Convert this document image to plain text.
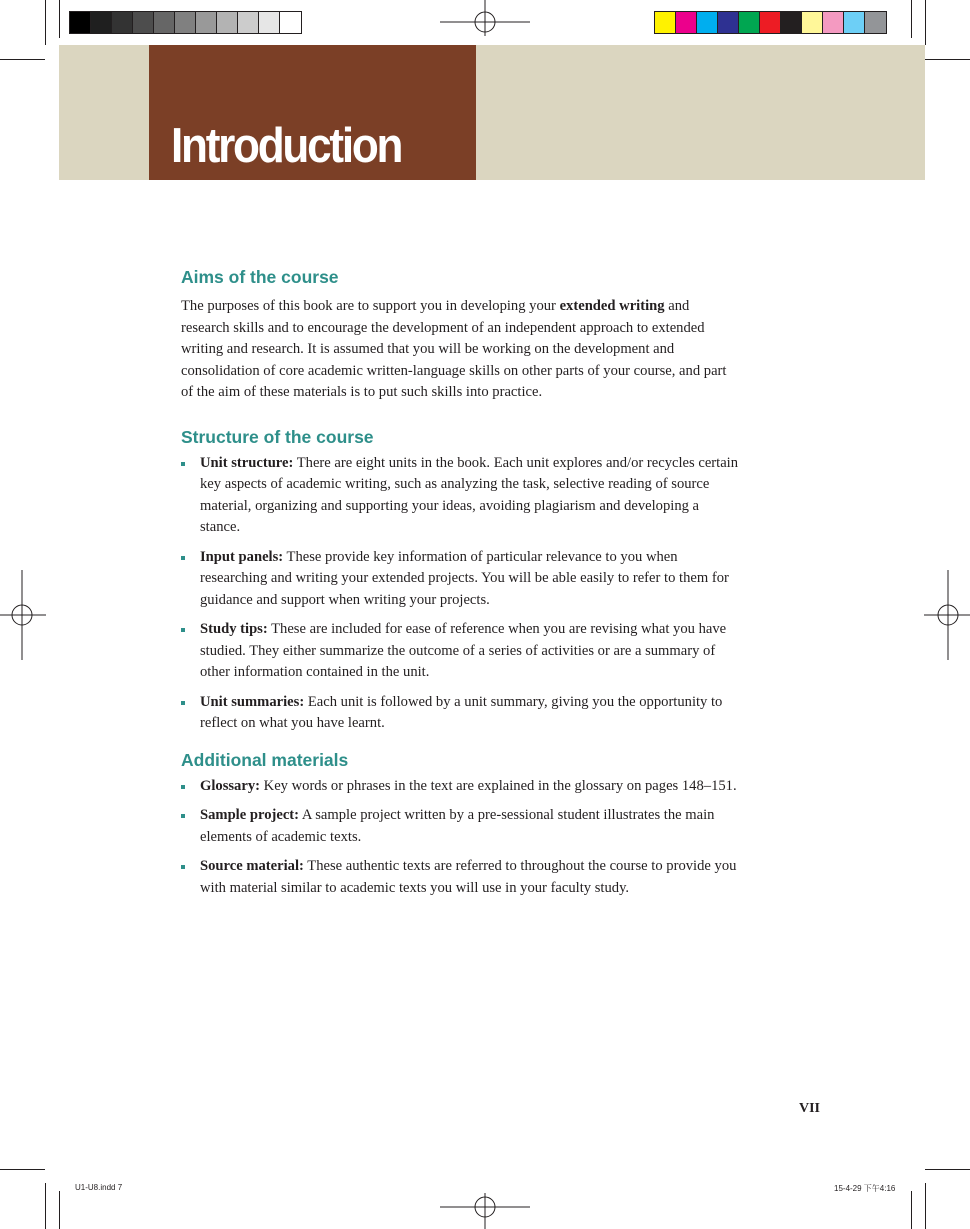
Introduction
Aims of the course

The purposes of this book are to support you in developing your extended writing and research skills and to encourage the development of an independent approach to extended writing and research. It is assumed that you will be working on the development and consolidation of core academic written-language skills on other parts of your course, and part of the aim of these materials is to put such skills into practice.

Structure of the course
Unit structure: There are eight units in the book. Each unit explores and/or recycles certain key aspects of academic writing, such as analyzing the task, selective reading of source material, organizing and supporting your ideas, avoiding plagiarism and developing a stance.
Input panels: These provide key information of particular relevance to you when researching and writing your extended projects. You will be able easily to refer to them for guidance and support when writing your projects.
Study tips: These are included for ease of reference when you are revising what you have studied. They either summarize the outcome of a series of activities or are a summary of other information contained in the unit.
Unit summaries: Each unit is followed by a unit summary, giving you the opportunity to reflect on what you have learnt.
Additional materials
Glossary: Key words or phrases in the text are explained in the glossary on pages 148–151.
Sample project: A sample project written by a pre-sessional student illustrates the main elements of academic texts.
Source material: These authentic texts are referred to throughout the course to provide you with material similar to academic texts you will use in your faculty study.
VII
U1-U8.indd 7	15-4-29 下午4:16
